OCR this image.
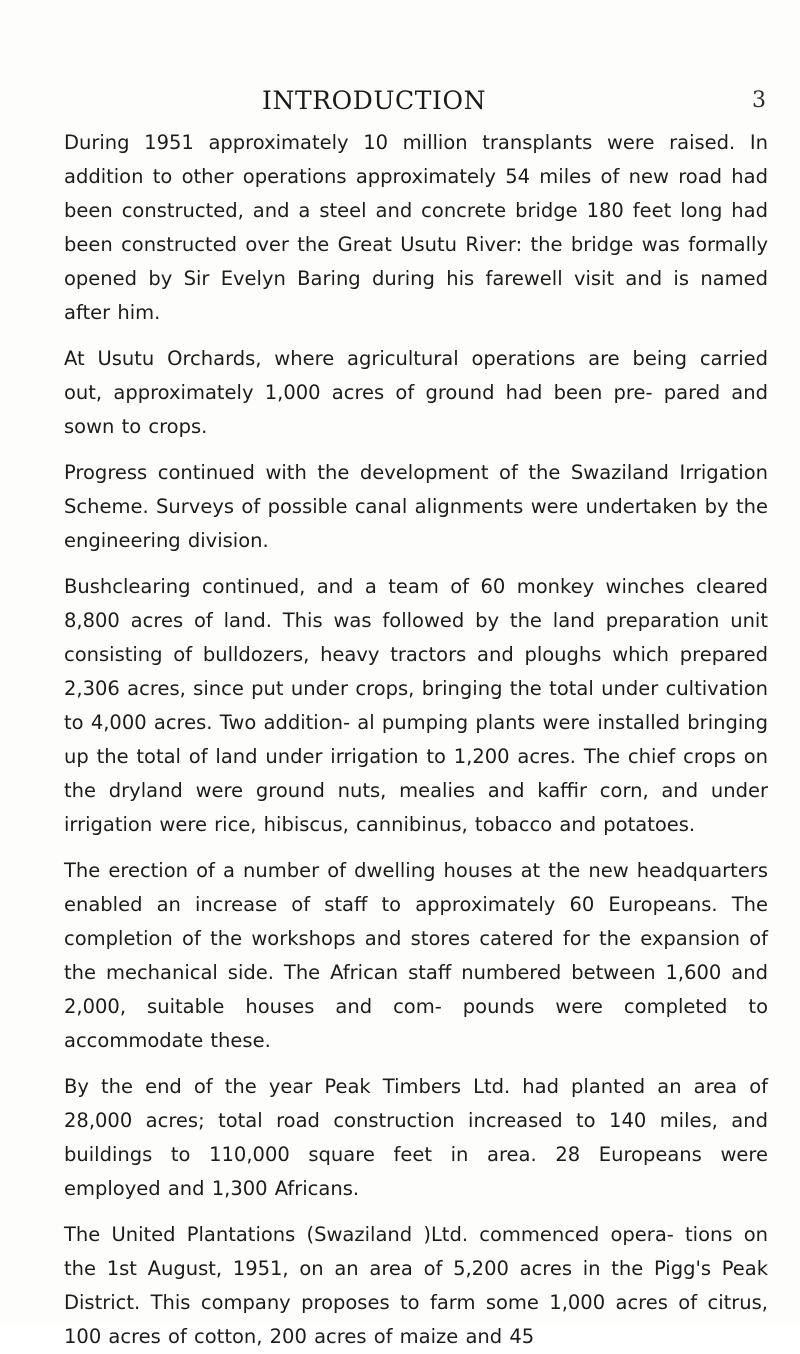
INTRODUCTION	3

During 1951 approximately 10 million transplants were raised. In addition to other operations approximately 54 miles of new road had been constructed, and a steel and concrete bridge 180 feet long had been constructed over the Great Usutu River: the bridge was formally opened by Sir Evelyn Baring during his farewell visit and is named after him.

At Usutu Orchards, where agricultural operations are being carried out, approximately 1,000 acres of ground had been pre- pared and sown to crops.

Progress continued with the development of the Swaziland Irrigation Scheme. Surveys of possible canal alignments were undertaken by the engineering division.

Bushclearing continued, and a team of 60 monkey winches cleared 8,800 acres of land. This was followed by the land preparation unit consisting of bulldozers, heavy tractors and ploughs which prepared 2,306 acres, since put under crops, bringing the total under cultivation to 4,000 acres. Two addition- al pumping plants were installed bringing up the total of land under irrigation to 1,200 acres. The chief crops on the dryland were ground nuts, mealies and kaffir corn, and under irrigation were rice, hibiscus, cannibinus, tobacco and potatoes.

The erection of a number of dwelling houses at the new headquarters enabled an increase of staff to approximately 60 Europeans. The completion of the workshops and stores catered for the expansion of the mechanical side. The African staff numbered between 1,600 and 2,000, suitable houses and com- pounds were completed to accommodate these.

By the end of the year Peak Timbers Ltd. had planted an area of 28,000 acres; total road construction increased to 140 miles, and buildings to 110,000 square feet in area. 28 Europeans were employed and 1,300 Africans.

The United Plantations (Swaziland )Ltd. commenced opera- tions on the 1st August, 1951, on an area of 5,200 acres in the Pigg's Peak District. This company proposes to farm some 1,000 acres of citrus, 100 acres of cotton, 200 acres of maize and 45
